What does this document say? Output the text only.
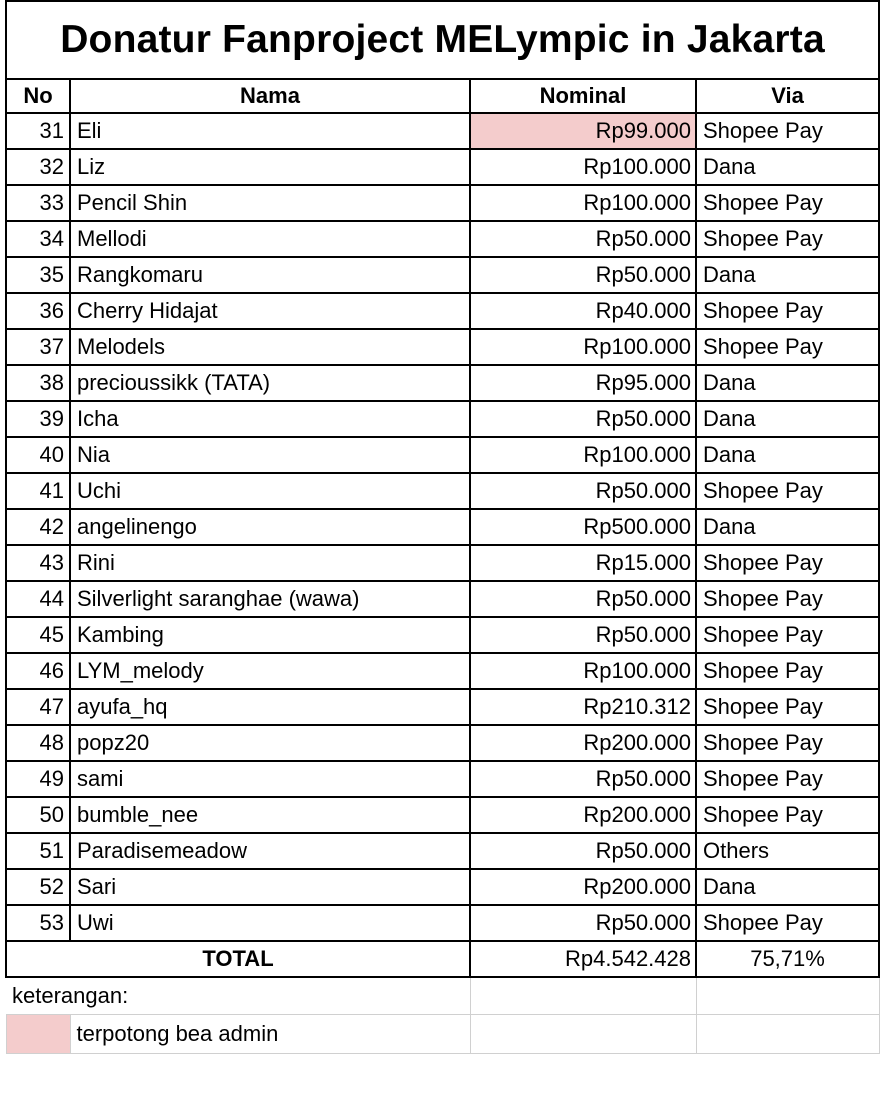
Donatur Fanproject MELympic in Jakarta			
No	Nama	Nominal	Via
31	Eli	Rp99.000	Shopee Pay
32	Liz	Rp100.000	Dana
33	Pencil Shin	Rp100.000	Shopee Pay
34	Mellodi	Rp50.000	Shopee Pay
35	Rangkomaru	Rp50.000	Dana
36	Cherry Hidajat	Rp40.000	Shopee Pay
37	Melodels	Rp100.000	Shopee Pay
38	precioussikk (TATA)	Rp95.000	Dana
39	Icha	Rp50.000	Dana
40	Nia	Rp100.000	Dana
41	Uchi	Rp50.000	Shopee Pay
42	angelinengo	Rp500.000	Dana
43	Rini	Rp15.000	Shopee Pay
44	Silverlight saranghae (wawa)	Rp50.000	Shopee Pay
45	Kambing	Rp50.000	Shopee Pay
46	LYM_melody	Rp100.000	Shopee Pay
47	ayufa_hq	Rp210.312	Shopee Pay
48	popz20	Rp200.000	Shopee Pay
49	sami	Rp50.000	Shopee Pay
50	bumble_nee	Rp200.000	Shopee Pay
51	Paradisemeadow	Rp50.000	Others
52	Sari	Rp200.000	Dana
53	Uwi	Rp50.000	Shopee Pay
TOTAL		Rp4.542.428	75,71%
keterangan:			
	terpotong bea admin		
